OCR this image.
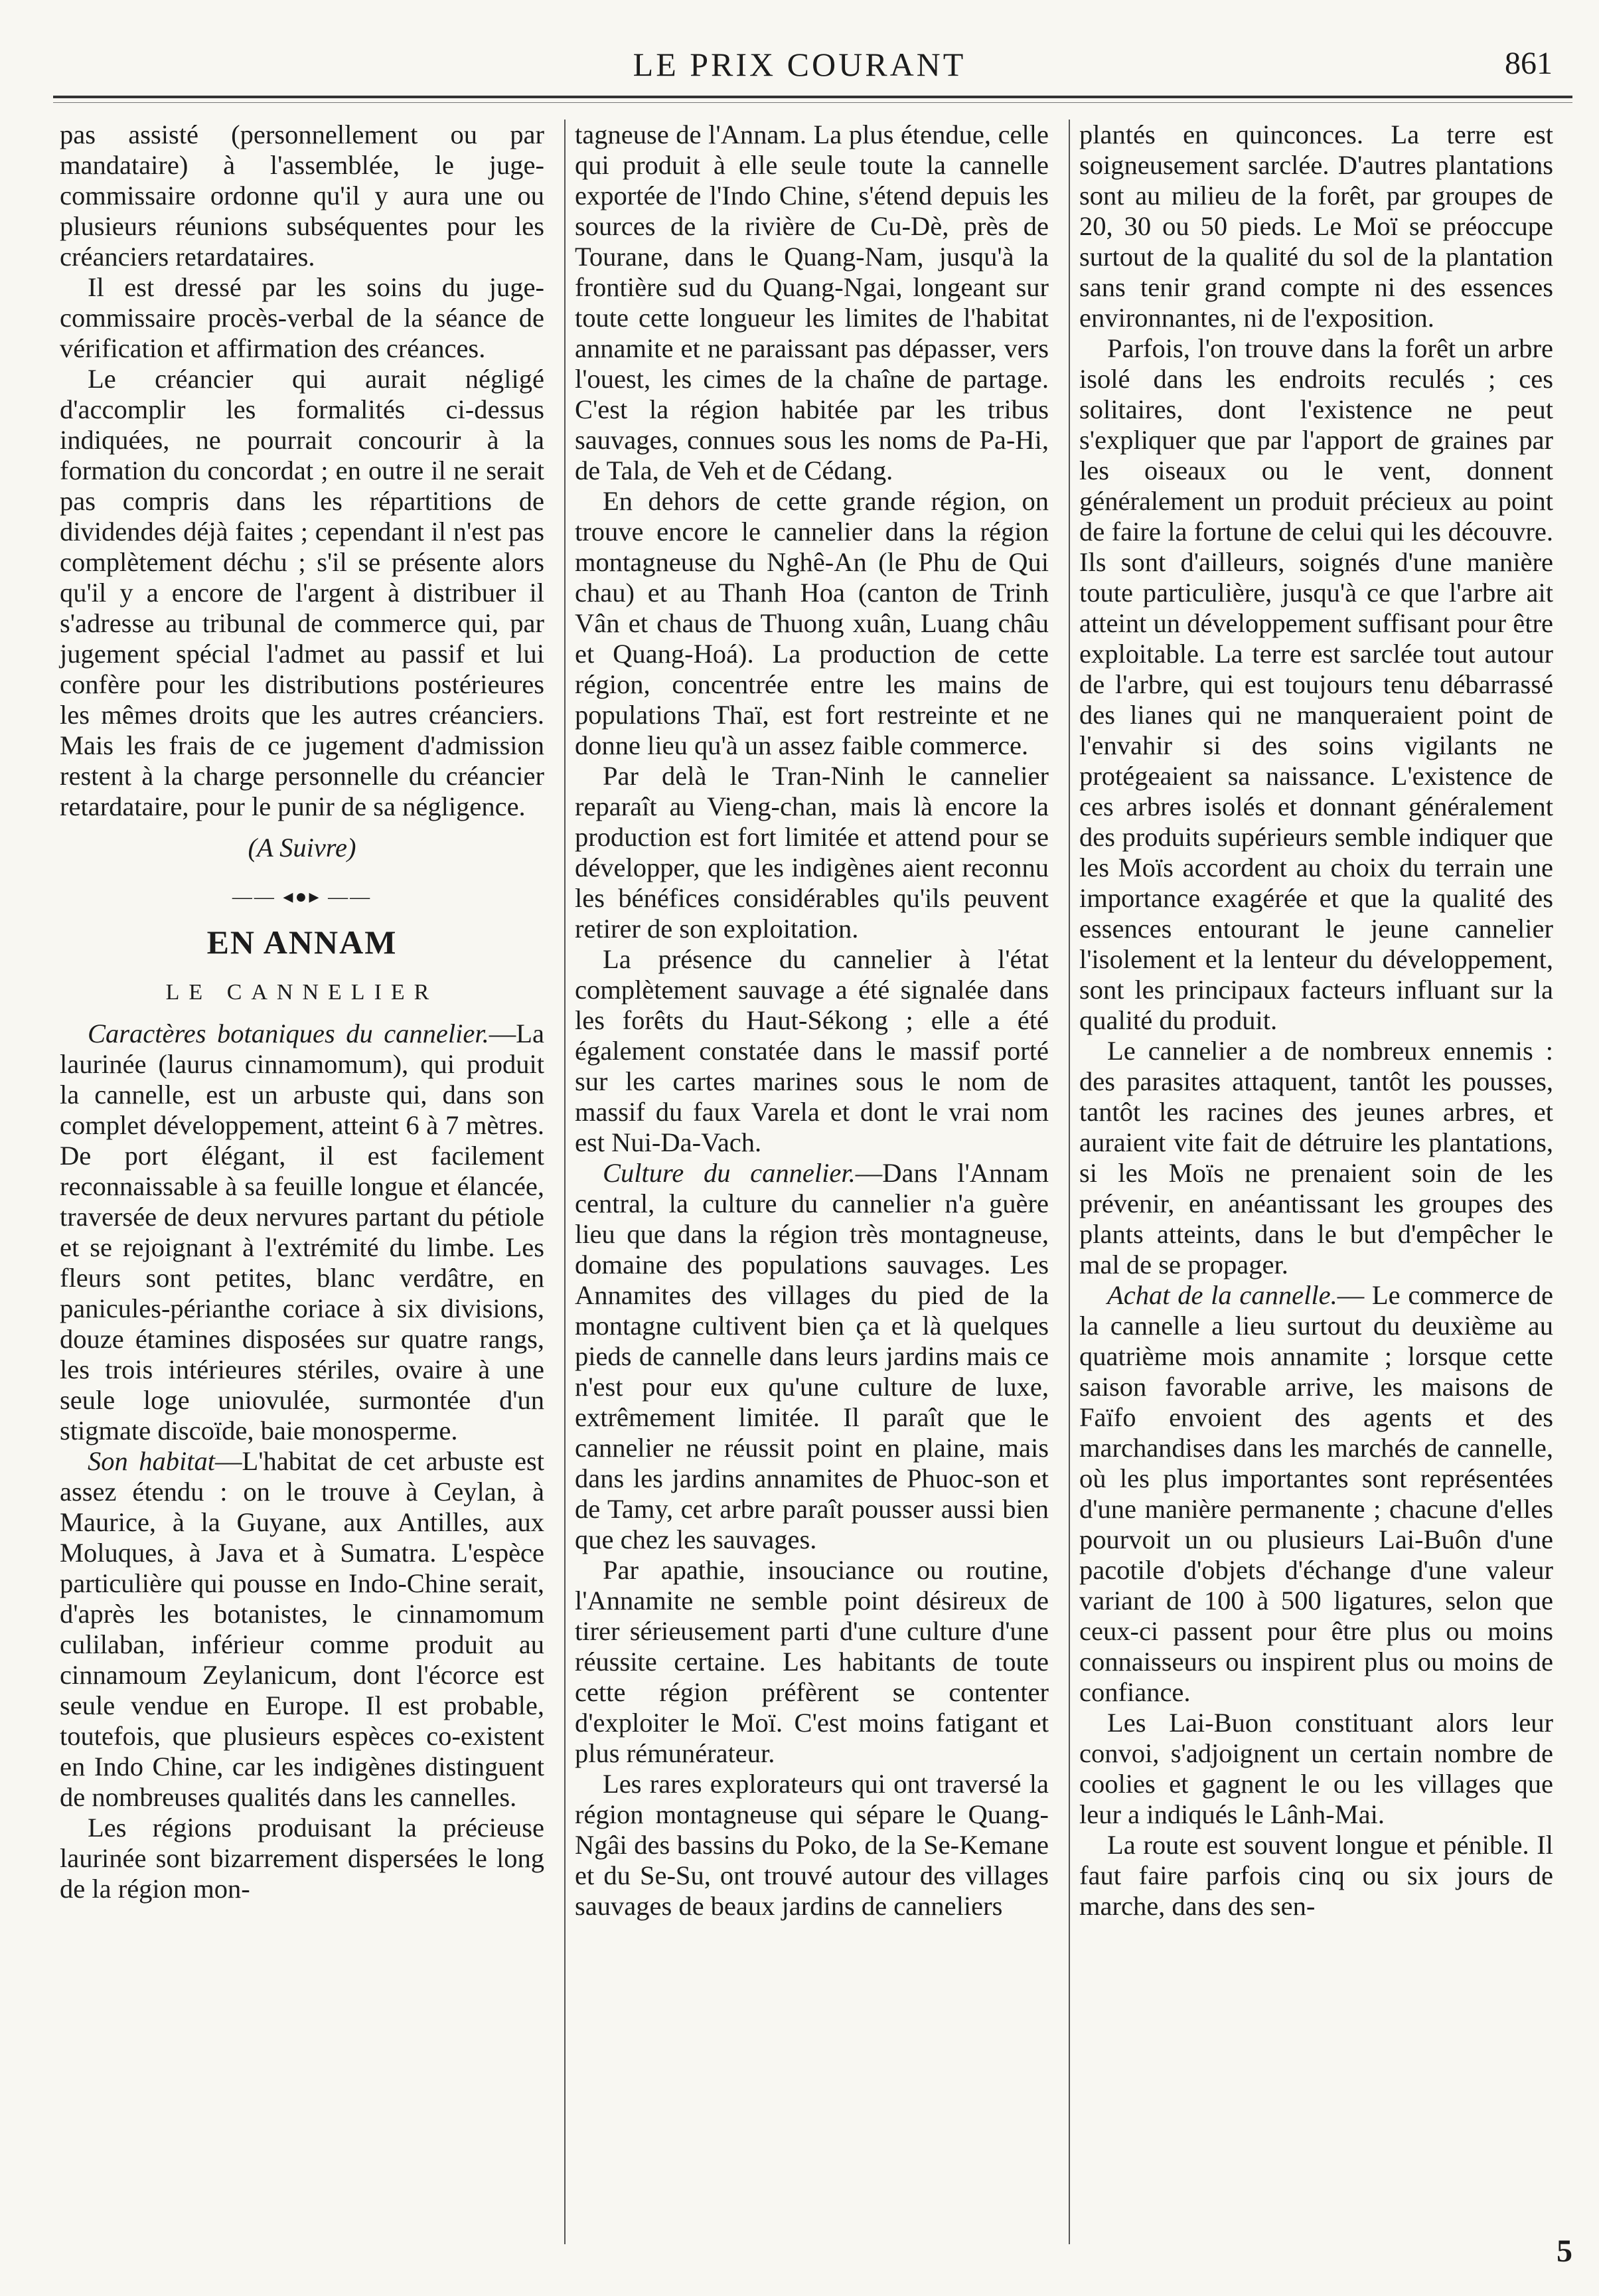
LE PRIX COURANT	861

pas assisté (personnellement ou par mandataire) à l'assemblée, le juge-commissaire ordonne qu'il y aura une ou plusieurs réunions subséquentes pour les créanciers retardataires.

Il est dressé par les soins du juge-commissaire procès-verbal de la séance de vérification et affirmation des créances.

Le créancier qui aurait négligé d'accomplir les formalités ci-dessus indiquées, ne pourrait concourir à la formation du concordat ; en outre il ne serait pas compris dans les répartitions de dividendes déjà faites ; cependant il n'est pas complètement déchu ; s'il se présente alors qu'il y a encore de l'argent à distribuer il s'adresse au tribunal de commerce qui, par jugement spécial l'admet au passif et lui confère pour les distributions postérieures les mêmes droits que les autres créanciers. Mais les frais de ce jugement d'admission restent à la charge personnelle du créancier retardataire, pour le punir de sa négligence.

(A Suivre)
—— ◂●▸ ——
EN ANNAM
LE CANNELIER

Caractères botaniques du cannelier.—La laurinée (laurus cinnamomum), qui produit la cannelle, est un arbuste qui, dans son complet développement, atteint 6 à 7 mètres. De port élégant, il est facilement reconnaissable à sa feuille longue et élancée, traversée de deux nervures partant du pétiole et se rejoignant à l'extrémité du limbe. Les fleurs sont petites, blanc verdâtre, en panicules-périanthe coriace à six divisions, douze étamines disposées sur quatre rangs, les trois intérieures stériles, ovaire à une seule loge uniovulée, surmontée d'un stigmate discoïde, baie monosperme.

Son habitat—L'habitat de cet arbuste est assez étendu : on le trouve à Ceylan, à Maurice, à la Guyane, aux Antilles, aux Moluques, à Java et à Sumatra. L'espèce particulière qui pousse en Indo-Chine serait, d'après les botanistes, le cinnamomum culilaban, inférieur comme produit au cinnamoum Zeylanicum, dont l'écorce est seule vendue en Europe. Il est probable, toutefois, que plusieurs espèces co-existent en Indo Chine, car les indigènes distinguent de nombreuses qualités dans les cannelles.

Les régions produisant la précieuse laurinée sont bizarrement dispersées le long de la région mon-

tagneuse de l'Annam. La plus étendue, celle qui produit à elle seule toute la cannelle exportée de l'Indo Chine, s'étend depuis les sources de la rivière de Cu-Dè, près de Tourane, dans le Quang-Nam, jusqu'à la frontière sud du Quang-Ngai, longeant sur toute cette longueur les limites de l'habitat annamite et ne paraissant pas dépasser, vers l'ouest, les cimes de la chaîne de partage. C'est la région habitée par les tribus sauvages, connues sous les noms de Pa-Hi, de Tala, de Veh et de Cédang.

En dehors de cette grande région, on trouve encore le cannelier dans la région montagneuse du Nghê-An (le Phu de Qui chau) et au Thanh Hoa (canton de Trinh Vân et chaus de Thuong xuân, Luang châu et Quang-Hoá). La production de cette région, concentrée entre les mains de populations Thaï, est fort restreinte et ne donne lieu qu'à un assez faible commerce.

Par delà le Tran-Ninh le cannelier reparaît au Vieng-chan, mais là encore la production est fort limitée et attend pour se développer, que les indigènes aient reconnu les bénéfices considérables qu'ils peuvent retirer de son exploitation.

La présence du cannelier à l'état complètement sauvage a été signalée dans les forêts du Haut-Sékong ; elle a été également constatée dans le massif porté sur les cartes marines sous le nom de massif du faux Varela et dont le vrai nom est Nui-Da-Vach.

Culture du cannelier.—Dans l'Annam central, la culture du cannelier n'a guère lieu que dans la région très montagneuse, domaine des populations sauvages. Les Annamites des villages du pied de la montagne cultivent bien ça et là quelques pieds de cannelle dans leurs jardins mais ce n'est pour eux qu'une culture de luxe, extrêmement limitée. Il paraît que le cannelier ne réussit point en plaine, mais dans les jardins annamites de Phuoc-son et de Tamy, cet arbre paraît pousser aussi bien que chez les sauvages.

Par apathie, insouciance ou routine, l'Annamite ne semble point désireux de tirer sérieusement parti d'une culture d'une réussite certaine. Les habitants de toute cette région préfèrent se contenter d'exploiter le Moï. C'est moins fatigant et plus rémunérateur.

Les rares explorateurs qui ont traversé la région montagneuse qui sépare le Quang-Ngâi des bassins du Poko, de la Se-Kemane et du Se-Su, ont trouvé autour des villages sauvages de beaux jardins de canneliers

plantés en quinconces. La terre est soigneusement sarclée. D'autres plantations sont au milieu de la forêt, par groupes de 20, 30 ou 50 pieds. Le Moï se préoccupe surtout de la qualité du sol de la plantation sans tenir grand compte ni des essences environnantes, ni de l'exposition.

Parfois, l'on trouve dans la forêt un arbre isolé dans les endroits reculés ; ces solitaires, dont l'existence ne peut s'expliquer que par l'apport de graines par les oiseaux ou le vent, donnent généralement un produit précieux au point de faire la fortune de celui qui les découvre. Ils sont d'ailleurs, soignés d'une manière toute particulière, jusqu'à ce que l'arbre ait atteint un développement suffisant pour être exploitable. La terre est sarclée tout autour de l'arbre, qui est toujours tenu débarrassé des lianes qui ne manqueraient point de l'envahir si des soins vigilants ne protégeaient sa naissance. L'existence de ces arbres isolés et donnant généralement des produits supérieurs semble indiquer que les Moïs accordent au choix du terrain une importance exagérée et que la qualité des essences entourant le jeune cannelier l'isolement et la lenteur du développement, sont les principaux facteurs influant sur la qualité du produit.

Le cannelier a de nombreux ennemis : des parasites attaquent, tantôt les pousses, tantôt les racines des jeunes arbres, et auraient vite fait de détruire les plantations, si les Moïs ne prenaient soin de les prévenir, en anéantissant les groupes des plants atteints, dans le but d'empêcher le mal de se propager.

Achat de la cannelle.— Le commerce de la cannelle a lieu surtout du deuxième au quatrième mois annamite ; lorsque cette saison favorable arrive, les maisons de Faïfo envoient des agents et des marchandises dans les marchés de cannelle, où les plus importantes sont représentées d'une manière permanente ; chacune d'elles pourvoit un ou plusieurs Lai-Buôn d'une pacotile d'objets d'échange d'une valeur variant de 100 à 500 ligatures, selon que ceux-ci passent pour être plus ou moins connaisseurs ou inspirent plus ou moins de confiance.

Les Lai-Buon constituant alors leur convoi, s'adjoignent un certain nombre de coolies et gagnent le ou les villages que leur a indiqués le Lânh-Mai.

La route est souvent longue et pénible. Il faut faire parfois cinq ou six jours de marche, dans des sen-

5
